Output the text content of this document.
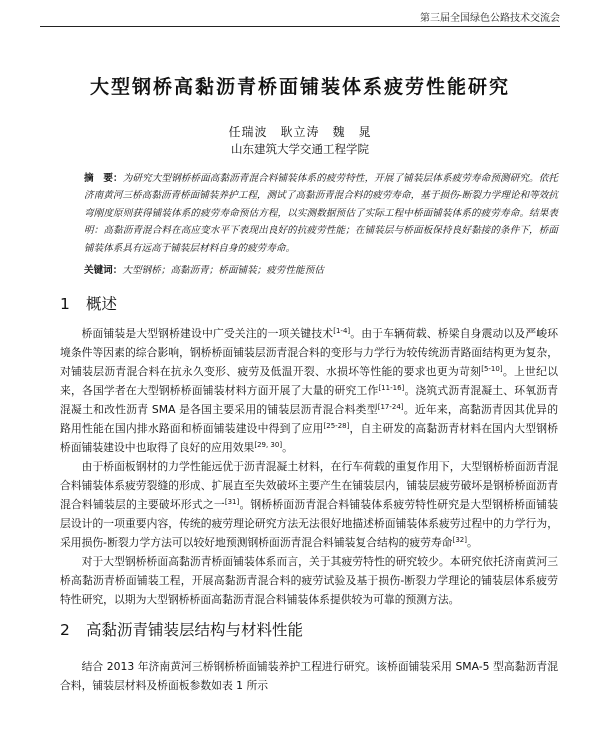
第三届全国绿色公路技术交流会
大型钢桥高黏沥青桥面铺装体系疲劳性能研究
任瑞波　耿立涛　魏　晁
山东建筑大学交通工程学院
摘　要：为研究大型钢桥桥面高黏沥青混合料铺装体系的疲劳特性，开展了铺装层体系疲劳寿命预测研究。依托济南黄河三桥高黏沥青桥面铺装养护工程，测试了高黏沥青混合料的疲劳寿命，基于损伤-断裂力学理论和等效抗弯刚度原则获得铺装体系的疲劳寿命预估方程，以实测数据预估了实际工程中桥面铺装体系的疲劳寿命。结果表明：高黏沥青混合料在高应变水平下表现出良好的抗疲劳性能；在铺装层与桥面板保持良好黏接的条件下，桥面铺装体系具有远高于铺装层材料自身的疲劳寿命。
关键词：大型钢桥；高黏沥青；桥面铺装；疲劳性能预估
1 概述

桥面铺装是大型钢桥建设中广受关注的一项关键技术[1-4]。由于车辆荷载、桥梁自身震动以及严峻环境条件等因素的综合影响，钢桥桥面铺装层沥青混合料的变形与力学行为较传统沥青路面结构更为复杂，对铺装层沥青混合料在抗永久变形、疲劳及低温开裂、水损坏等性能的要求也更为苛刻[5-10]。上世纪以来，各国学者在大型钢桥桥面铺装材料方面开展了大量的研究工作[11-16]。浇筑式沥青混凝土、环氧沥青混凝土和改性沥青 SMA 是各国主要采用的铺装层沥青混合料类型[17-24]。近年来，高黏沥青因其优异的路用性能在国内排水路面和桥面铺装建设中得到了应用[25-28]，自主研发的高黏沥青材料在国内大型钢桥桥面铺装建设中也取得了良好的应用效果[29, 30]。

由于桥面板钢材的力学性能远优于沥青混凝土材料，在行车荷载的重复作用下，大型钢桥桥面沥青混合料铺装体系疲劳裂缝的形成、扩展直至失效破坏主要产生在铺装层内，铺装层疲劳破坏是钢桥桥面沥青混合料铺装层的主要破坏形式之一[31]。钢桥桥面沥青混合料铺装体系疲劳特性研究是大型钢桥桥面铺装层设计的一项重要内容，传统的疲劳理论研究方法无法很好地描述桥面铺装体系疲劳过程中的力学行为，采用损伤-断裂力学方法可以较好地预测钢桥面沥青混合料铺装复合结构的疲劳寿命[32]。

对于大型钢桥桥面高黏沥青桥面铺装体系而言，关于其疲劳特性的研究较少。本研究依托济南黄河三桥高黏沥青桥面铺装工程，开展高黏沥青混合料的疲劳试验及基于损伤-断裂力学理论的铺装层体系疲劳特性研究，以期为大型钢桥桥面高黏沥青混合料铺装体系提供较为可靠的预测方法。

2 高黏沥青铺装层结构与材料性能

结合 2013 年济南黄河三桥钢桥桥面铺装养护工程进行研究。该桥面铺装采用 SMA-5 型高黏沥青混合料，铺装层材料及桥面板参数如表 1 所示
